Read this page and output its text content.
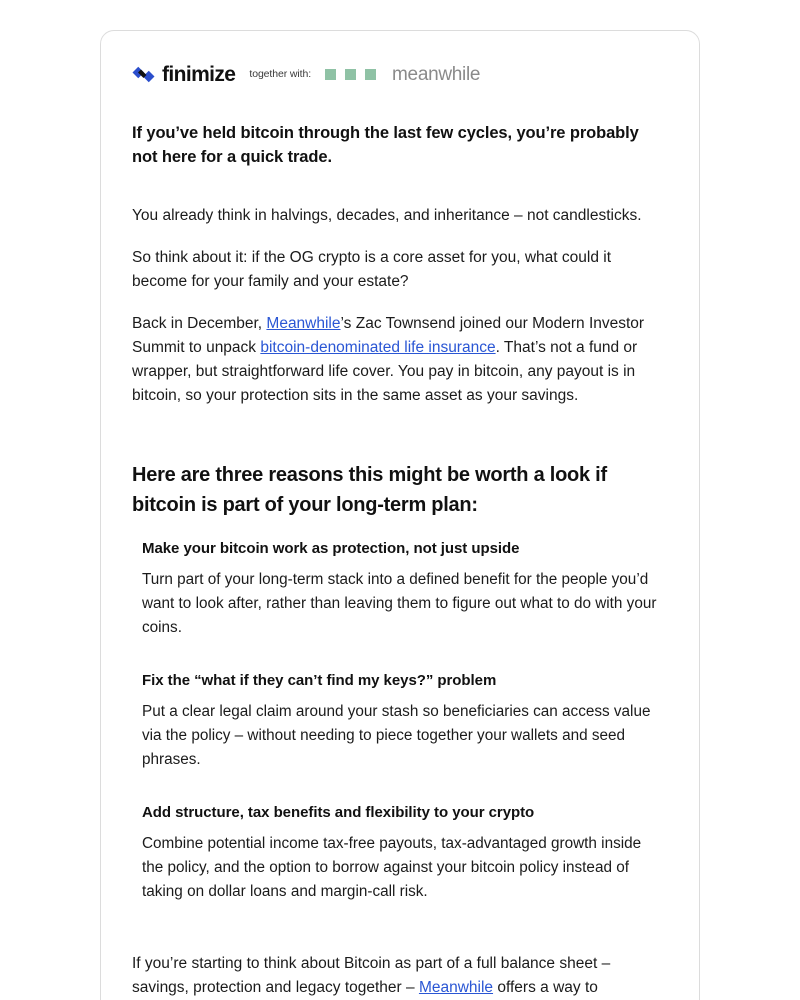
finimize together with:	meanwhile

If you’ve held bitcoin through the last few cycles, you’re probably not here for a quick trade.

You already think in halvings, decades, and inheritance – not candlesticks.

So think about it: if the OG crypto is a core asset for you, what could it become for your family and your estate?

Back in December, Meanwhile’s Zac Townsend joined our Modern Investor Summit to unpack bitcoin-denominated life insurance. That’s not a fund or wrapper, but straightforward life cover. You pay in bitcoin, any payout is in bitcoin, so your protection sits in the same asset as your savings.

Here are three reasons this might be worth a look if bitcoin is part of your long-term plan:

Make your bitcoin work as protection, not just upside

Turn part of your long-term stack into a defined benefit for the people you’d want to look after, rather than leaving them to figure out what to do with your coins.

Fix the “what if they can’t find my keys?” problem

Put a clear legal claim around your stash so beneficiaries can access value via the policy – without needing to piece together your wallets and seed phrases.

Add structure, tax benefits and flexibility to your crypto

Combine potential income tax-free payouts, tax-advantaged growth inside the policy, and the option to borrow against your bitcoin policy instead of taking on dollar loans and margin-call risk.

If you’re starting to think about Bitcoin as part of a full balance sheet – savings, protection and legacy together – Meanwhile offers a way to
